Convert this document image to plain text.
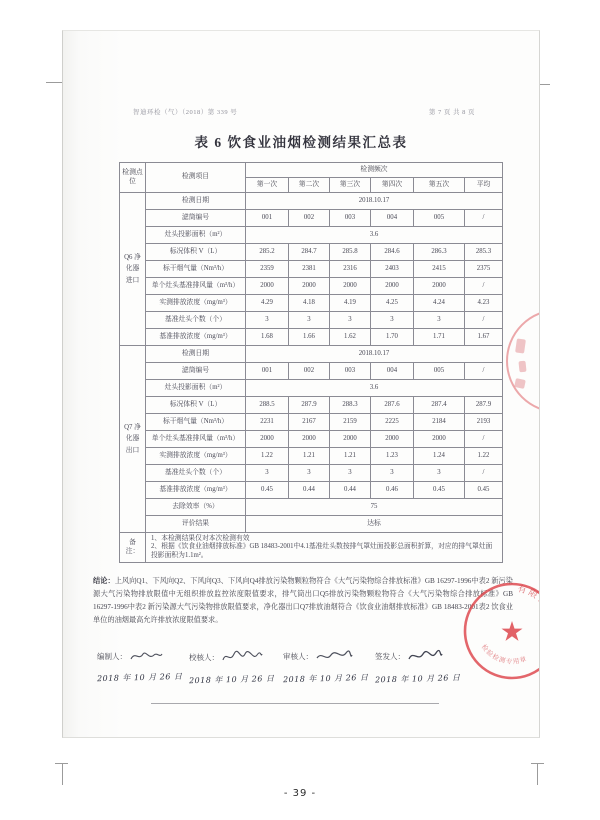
智迪环检（气）（2018）第 339 号	第 7 页 共 8 页
表 6 饮食业油烟检测结果汇总表
检测点位	检测项目	检测频次					
		第一次	第二次	第三次	第四次	第五次	平均
Q6 净化器进口	检测日期	2018.10.17					
	滤筒编号	001	002	003	004	005	/
	灶头投影面积（m²）	3.6					
	标况体积 V（L）	285.2	284.7	285.8	284.6	286.3	285.3
	标干烟气量（Nm³/h）	2359	2381	2316	2403	2415	2375
	单个灶头基准排风量（m³/h）	2000	2000	2000	2000	2000	/
	实测排放浓度（mg/m³）	4.29	4.18	4.19	4.25	4.24	4.23
	基准灶头个数（个）	3	3	3	3	3	/
	基准排放浓度（mg/m³）	1.68	1.66	1.62	1.70	1.71	1.67
Q7 净化器出口	检测日期	2018.10.17					
	滤筒编号	001	002	003	004	005	/
	灶头投影面积（m²）	3.6					
	标况体积 V（L）	288.5	287.9	288.3	287.6	287.4	287.9
	标干烟气量（Nm³/h）	2231	2167	2159	2225	2184	2193
	单个灶头基准排风量（m³/h）	2000	2000	2000	2000	2000	/
	实测排放浓度（mg/m³）	1.22	1.21	1.21	1.23	1.24	1.22
	基准灶头个数（个）	3	3	3	3	3	/
	基准排放浓度（mg/m³）	0.45	0.44	0.44	0.46	0.45	0.45
	去除效率（%）	75					
	评价结果	达标					
备注：	1、本检测结果仅对本次检测有效
2、根据《饮食业油烟排放标准》GB 18483-2001中4.1基准灶头数按排气罩灶面投影总面积折算，对应的排气罩灶面投影面积为1.1m²。						
结论：上风向Q1、下风向Q2、下风向Q3、下风向Q4排放污染物颗粒物符合《大气污染物综合排放标准》GB 16297-1996中表2 新污染源大气污染物排放限值中无组织排放监控浓度限值要求，排气筒出口Q5排放污染物颗粒物符合《大气污染物综合排放标准》GB 16297-1996中表2 新污染源大气污染物排放限值要求，净化器出口Q7排放油烟符合《饮食业油烟排放标准》GB 18483-2001表2 饮食业单位的油烟最高允许排放浓度限值要求。
编制人：
2018 年 10 月 26 日
校核人：
2018 年 10 月 26 日
审核人：
2018 年 10 月 26 日
签发人：
2018 年 10 月 26 日
有限公司
检验检测专用章
- 39 -
